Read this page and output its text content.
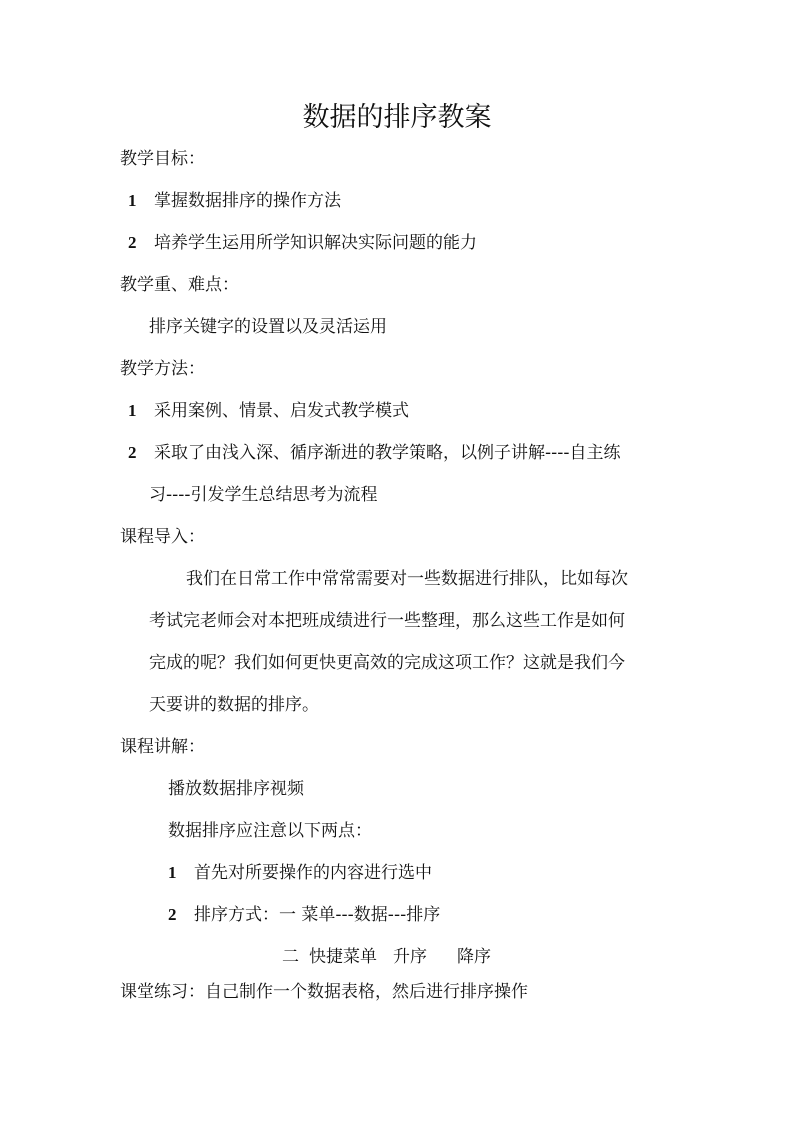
数据的排序教案
教学目标：
1 掌握数据排序的操作方法
2 培养学生运用所学知识解决实际问题的能力
教学重、难点：
排序关键字的设置以及灵活运用
教学方法：
1 采用案例、情景、启发式教学模式
2 采取了由浅入深、循序渐进的教学策略，以例子讲解----自主练
习----引发学生总结思考为流程
课程导入：
我们在日常工作中常常需要对一些数据进行排队，比如每次
考试完老师会对本把班成绩进行一些整理，那么这些工作是如何
完成的呢？我们如何更快更高效的完成这项工作？这就是我们今
天要讲的数据的排序。
课程讲解：
播放数据排序视频
数据排序应注意以下两点：
1 首先对所要操作的内容进行选中
2 排序方式：一 菜单---数据---排序
二 快捷菜单 升序 降序
课堂练习：自己制作一个数据表格，然后进行排序操作
